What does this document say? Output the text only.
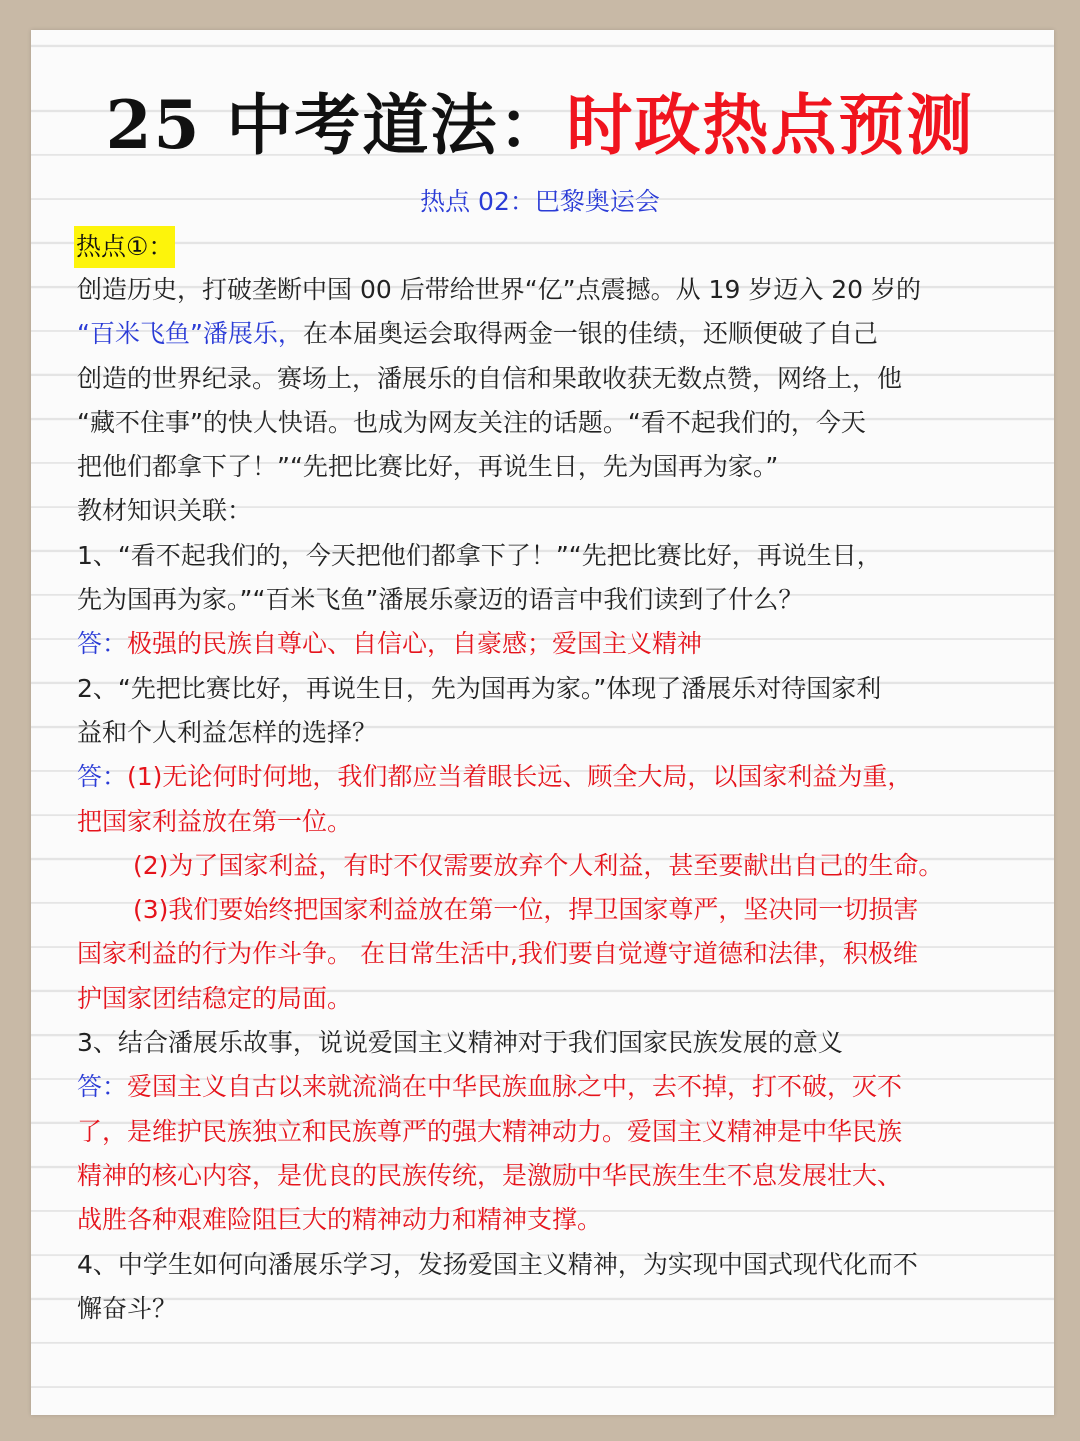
25 中考道法：时政热点预测
热点 02：巴黎奥运会
热点①：
创造历史，打破垄断中国 00 后带给世界“亿”点震撼。从 19 岁迈入 20 岁的
“百米飞鱼”潘展乐，在本届奥运会取得两金一银的佳绩，还顺便破了自己
创造的世界纪录。赛场上，潘展乐的自信和果敢收获无数点赞，网络上，他
“藏不住事”的快人快语。也成为网友关注的话题。“看不起我们的，今天
把他们都拿下了！”“先把比赛比好，再说生日，先为国再为家。”
教材知识关联：
1、“看不起我们的，今天把他们都拿下了！”“先把比赛比好，再说生日，
先为国再为家。”“百米飞鱼”潘展乐豪迈的语言中我们读到了什么？
答：极强的民族自尊心、自信心，自豪感；爱国主义精神
2、“先把比赛比好，再说生日，先为国再为家。”体现了潘展乐对待国家利
益和个人利益怎样的选择？
答：(1)无论何时何地，我们都应当着眼长远、顾全大局，以国家利益为重，
把国家利益放在第一位。
(2)为了国家利益，有时不仅需要放弃个人利益，甚至要献出自己的生命。
(3)我们要始终把国家利益放在第一位，捍卫国家尊严，坚决同一切损害
国家利益的行为作斗争。 在日常生活中,我们要自觉遵守道德和法律，积极维
护国家团结稳定的局面。
3、结合潘展乐故事，说说爱国主义精神对于我们国家民族发展的意义
答：爱国主义自古以来就流淌在中华民族血脉之中，去不掉，打不破，灭不
了，是维护民族独立和民族尊严的强大精神动力。爱国主义精神是中华民族
精神的核心内容，是优良的民族传统，是激励中华民族生生不息发展壮大、
战胜各种艰难险阻巨大的精神动力和精神支撑。
4、中学生如何向潘展乐学习，发扬爱国主义精神，为实现中国式现代化而不
懈奋斗？
